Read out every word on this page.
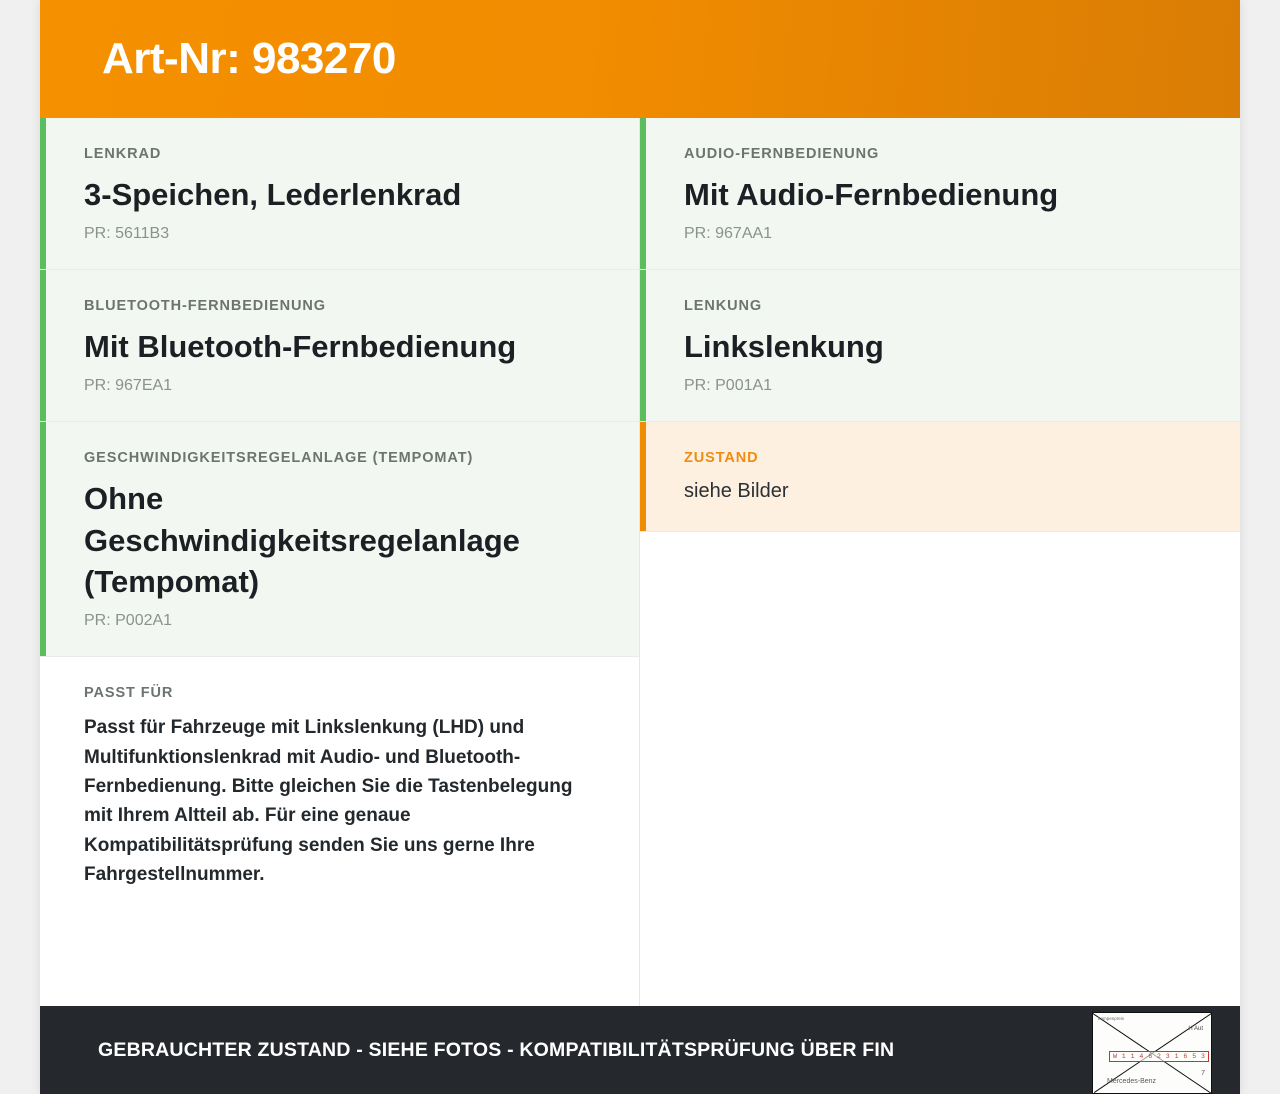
Art-Nr: 983270

LENKRAD

3-Speichen, Lederlenkrad

PR: 5611B3

BLUETOOTH-FERNBEDIENUNG

Mit Bluetooth-Fernbedienung

PR: 967EA1

GESCHWINDIGKEITSREGELANLAGE (TEMPOMAT)

Ohne Geschwindigkeitsregelanlage (Tempomat)

PR: P002A1

PASST FÜR

Passt für Fahrzeuge mit Linkslenkung (LHD) und Multifunktionslenkrad mit Audio- und Bluetooth-Fernbedienung. Bitte gleichen Sie die Tastenbelegung mit Ihrem Altteil ab. Für eine genaue Kompatibilitätsprüfung senden Sie uns gerne Ihre Fahrgestellnummer.

AUDIO-FERNBEDIENUNG

Mit Audio-Fernbedienung

PR: 967AA1

LENKUNG

Linkslenkung

PR: P001A1

ZUSTAND

siehe Bilder

GEBRAUCHTER ZUSTAND - SIEHE FOTOS - KOMPATIBILITÄTSPRÜFUNG ÜBER FIN
Lampenpreis
H Aut
W 1 1 4 6 2 3 1 6 5 3
Mercedes-Benz
7
